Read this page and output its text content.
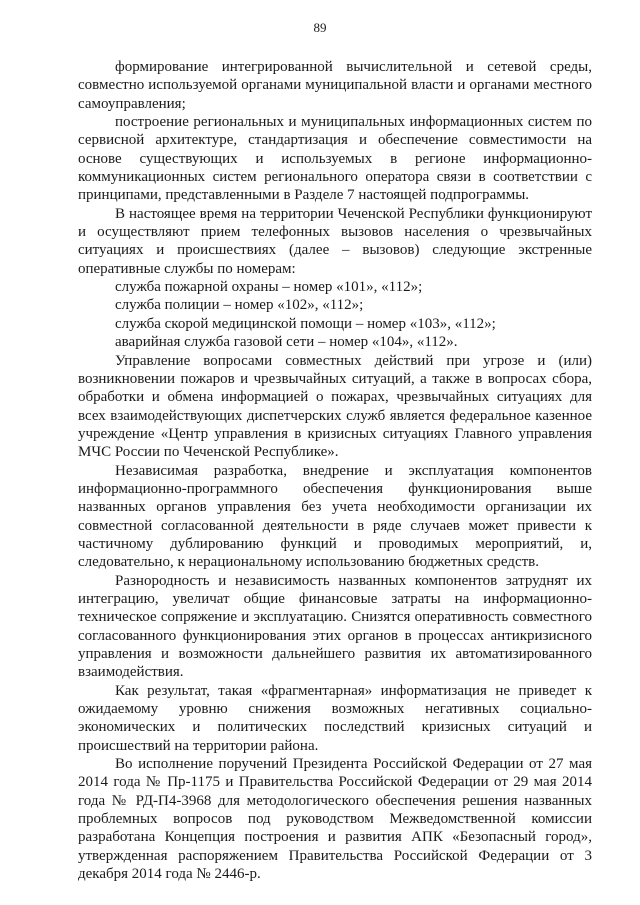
89

формирование интегрированной вычислительной и сетевой среды, совместно используемой органами муниципальной власти и органами местного самоуправления;

построение региональных и муниципальных информационных систем по сервисной архитектуре, стандартизация и обеспечение совместимости на основе существующих и используемых в регионе информационно-коммуникационных систем регионального оператора связи в соответствии с принципами, представленными в Разделе 7 настоящей подпрограммы.

В настоящее время на территории Чеченской Республики функционируют и осуществляют прием телефонных вызовов населения о чрезвычайных ситуациях и происшествиях (далее – вызовов) следующие экстренные оперативные службы по номерам:

служба пожарной охраны – номер «101», «112»;
служба полиции – номер «102», «112»;
служба скорой медицинской помощи – номер «103», «112»;
аварийная служба газовой сети – номер «104», «112».

Управление вопросами совместных действий при угрозе и (или) возникновении пожаров и чрезвычайных ситуаций, а также в вопросах сбора, обработки и обмена информацией о пожарах, чрезвычайных ситуациях для всех взаимодействующих диспетчерских служб является федеральное казенное учреждение «Центр управления в кризисных ситуациях Главного управления МЧС России по Чеченской Республике».

Независимая разработка, внедрение и эксплуатация компонентов информационно-программного обеспечения функционирования выше названных органов управления без учета необходимости организации их совместной согласованной деятельности в ряде случаев может привести к частичному дублированию функций и проводимых мероприятий, и, следовательно, к нерациональному использованию бюджетных средств.

Разнородность и независимость названных компонентов затруднят их интеграцию, увеличат общие финансовые затраты на информационно-техническое сопряжение и эксплуатацию. Снизятся оперативность совместного согласованного функционирования этих органов в процессах антикризисного управления и возможности дальнейшего развития их автоматизированного взаимодействия.

Как результат, такая «фрагментарная» информатизация не приведет к ожидаемому уровню снижения возможных негативных социально-экономических и политических последствий кризисных ситуаций и происшествий на территории района.

Во исполнение поручений Президента Российской Федерации от 27 мая 2014 года № Пр-1175 и Правительства Российской Федерации от 29 мая 2014 года № РД-П4-3968 для методологического обеспечения решения названных проблемных вопросов под руководством Межведомственной комиссии разработана Концепция построения и развития АПК «Безопасный город», утвержденная распоряжением Правительства Российской Федерации от 3 декабря 2014 года № 2446-р.
